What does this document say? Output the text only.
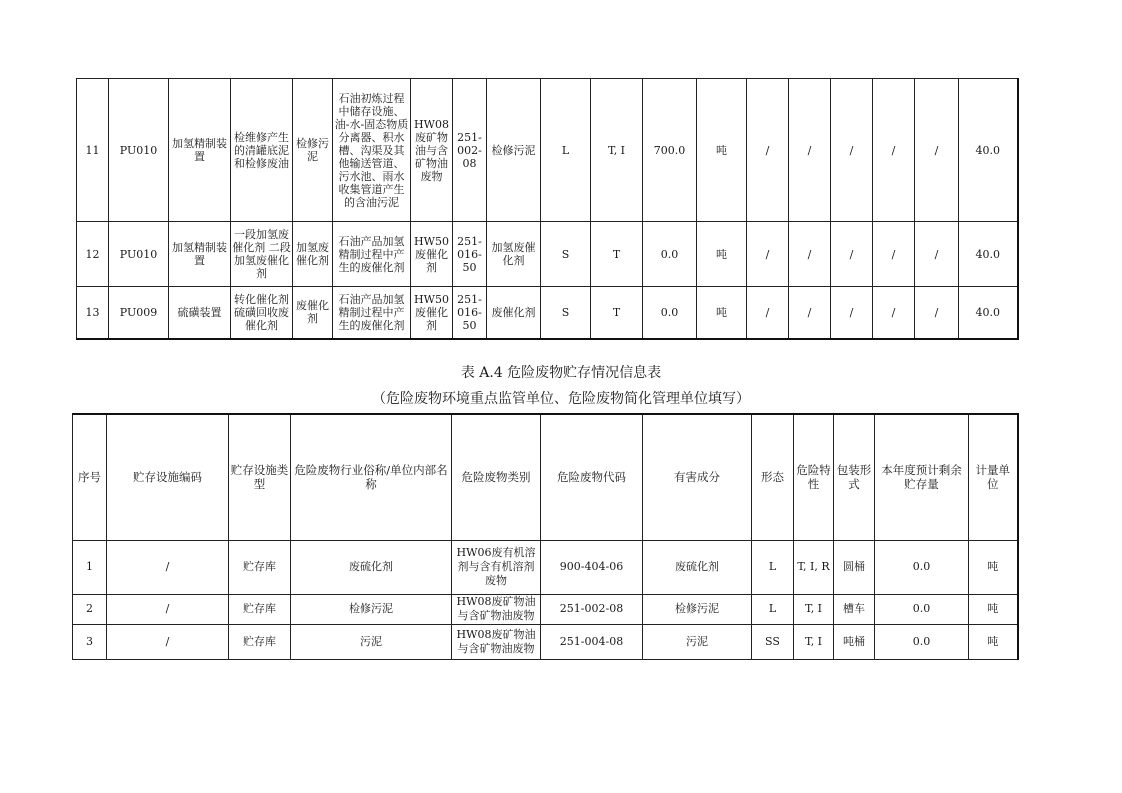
11	PU010	加氢精制装置	检维修产生的清罐底泥和检修废油	检修污泥	石油初炼过程中储存设施、油-水-固态物质分离器、积水槽、沟渠及其他输送管道、污水池、雨水收集管道产生的含油污泥	HW08废矿物油与含矿物油废物	251-002-08	检修污泥	L	T, I	700.0	吨	/	/	/	/	/	40.0
12	PU010	加氢精制装置	一段加氢废催化剂 二段加氢废催化剂	加氢废催化剂	石油产品加氢精制过程中产生的废催化剂	HW50废催化剂	251-016-50	加氢废催化剂	S	T	0.0	吨	/	/	/	/	/	40.0
13	PU009	硫磺装置	转化催化剂硫磺回收废催化剂	废催化剂	石油产品加氢精制过程中产生的废催化剂	HW50废催化剂	251-016-50	废催化剂	S	T	0.0	吨	/	/	/	/	/	40.0
表 A.4 危险废物贮存情况信息表
（危险废物环境重点监管单位、危险废物简化管理单位填写）
序号	贮存设施编码	贮存设施类型	危险废物行业俗称/单位内部名称	危险废物类别	危险废物代码	有害成分	形态	危险特性	包装形式	本年度预计剩余贮存量	计量单位
1	/	贮存库	废硫化剂	HW06废有机溶剂与含有机溶剂废物	900-404-06	废硫化剂	L	T, I, R	圆桶	0.0	吨
2	/	贮存库	检修污泥	HW08废矿物油与含矿物油废物	251-002-08	检修污泥	L	T, I	槽车	0.0	吨
3	/	贮存库	污泥	HW08废矿物油与含矿物油废物	251-004-08	污泥	SS	T, I	吨桶	0.0	吨
